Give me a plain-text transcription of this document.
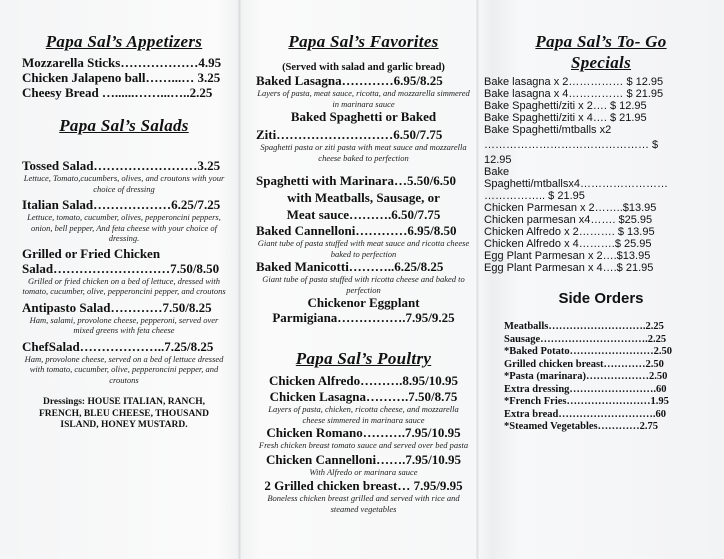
Papa Sal’s Appetizers
Mozzarella Sticks………………4.95
Chicken Jalapeno ball……...… 3.25
Cheesy Bread …......……...…..2.25
Papa Sal’s Salads
Tossed Salad……………………3.25
Lettuce, Tomato,cucumbers, olives, and croutons with your choice of dressing
Italian Salad………………6.25/7.25
Lettuce, tomato, cucumber, olives, pepperoncini peppers, onion, bell pepper, And feta cheese with your choice of dressing.
Grilled or Fried Chicken
Salad………………………7.50/8.50
Grilled or fried chicken on a bed of lettuce, dressed with tomato, cucumber, olive, pepperoncini pepper, and croutons
Antipasto Salad…………7.50/8.25
Ham, salami, provolone cheese, pepperoni, served over mixed greens with feta cheese
ChefSalad………………..7.25/8.25
Ham, provolone cheese, served on a bed of lettuce dressed with tomato, cucumber, olive, pepperoncini pepper, and croutons
Dressings: HOUSE ITALIAN, RANCH, FRENCH, BLEU CHEESE, THOUSAND ISLAND, HONEY MUSTARD.
Papa Sal’s Favorites
(Served with salad and garlic bread)
Baked Lasagna…………6.95/8.25
Layers of pasta, meat sauce, ricotta, and mozzarella simmered in marinara sauce
Baked Spaghetti or Baked
Ziti………………………6.50/7.75
Spaghetti pasta or ziti pasta with meat sauce and mozzarella cheese baked to perfection
Spaghetti with Marinara…5.50/6.50
with Meatballs, Sausage, or
Meat sauce……….6.50/7.75
Baked Cannelloni…………6.95/8.50
Giant tube of pasta stuffed with meat sauce and ricotta cheese baked to perfection
Baked Manicotti………..6.25/8.25
Giant tube of pasta stuffed with ricotta cheese and baked to perfection
Chickenor Eggplant
Parmigiana…………….7.95/9.25
Papa Sal’s Poultry
Chicken Alfredo……….8.95/10.95
Chicken Lasagna……….7.50/8.75
Layers of pasta, chicken, ricotta cheese, and mozzarella cheese simmered in marinara sauce
Chicken Romano……….7.95/10.95
Fresh chicken breast tomato sauce and served over bed pasta
Chicken Cannelloni…….7.95/10.95
With Alfredo or marinara sauce
2 Grilled chicken breast… 7.95/9.95
Boneless chicken breast grilled and served with rice and steamed vegetables
Papa Sal’s To- Go
Specials
Bake lasagna x 2…………… $ 12.95
Bake lasagna x 4…………… $ 21.95
Bake Spaghetti/ziti x 2…. $ 12.95
Bake Spaghetti/ziti x 4…. $ 21.95
Bake Spaghetti/mtballs x2
……………………………………… $
12.95
Bake
Spaghetti/mtballsx4……………………
…………….. $ 21.95
Chicken Parmesan x 2……..$13.95
Chicken parmesan x4……. $25.95
Chicken Alfredo x 2………. $ 13.95
Chicken Alfredo x 4……….$ 25.95
Egg Plant Parmesan x 2….$13.95
Egg Plant Parmesan x 4….$ 21.95
Side Orders
Meatballs……………………….2.25
Sausage………………………….2.25
*Baked Potato……………………2.50
Grilled chicken breast…………2.50
*Pasta (marinara)………………2.50
Extra dressing…………………….60
*French Fries……………………1.95
Extra bread……………………….60
*Steamed Vegetables…………2.75
